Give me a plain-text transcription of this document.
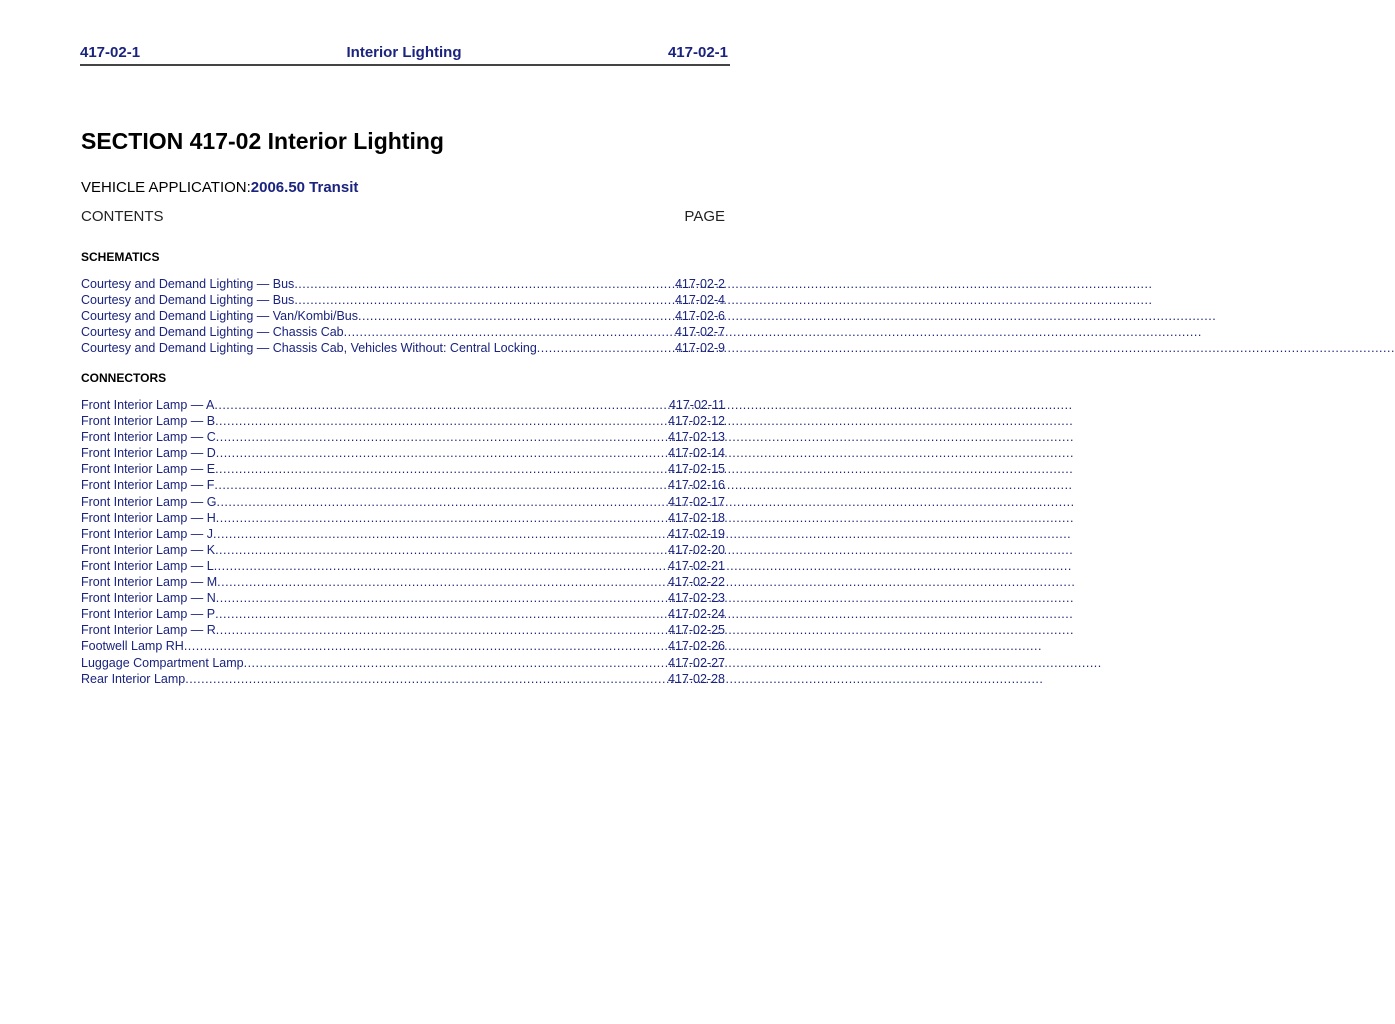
417-02-1	Interior Lighting	417-02-1
SECTION 417-02 Interior Lighting
VEHICLE APPLICATION:2006.50 Transit
CONTENTS	PAGE
SCHEMATICS
Courtesy and Demand Lighting — Bus .....	417-02-2
Courtesy and Demand Lighting — Bus .....	417-02-4
Courtesy and Demand Lighting — Van/Kombi/Bus .....	417-02-6
Courtesy and Demand Lighting — Chassis Cab .....	417-02-7
Courtesy and Demand Lighting — Chassis Cab, Vehicles Without: Central Locking .....	417-02-9
CONNECTORS
Front Interior Lamp — A .....	417-02-11
Front Interior Lamp — B .....	417-02-12
Front Interior Lamp — C .....	417-02-13
Front Interior Lamp — D .....	417-02-14
Front Interior Lamp — E .....	417-02-15
Front Interior Lamp — F .....	417-02-16
Front Interior Lamp — G .....	417-02-17
Front Interior Lamp — H .....	417-02-18
Front Interior Lamp — J .....	417-02-19
Front Interior Lamp — K .....	417-02-20
Front Interior Lamp — L .....	417-02-21
Front Interior Lamp — M .....	417-02-22
Front Interior Lamp — N .....	417-02-23
Front Interior Lamp — P .....	417-02-24
Front Interior Lamp — R .....	417-02-25
Footwell Lamp RH .....	417-02-26
Luggage Compartment Lamp .....	417-02-27
Rear Interior Lamp .....	417-02-28
